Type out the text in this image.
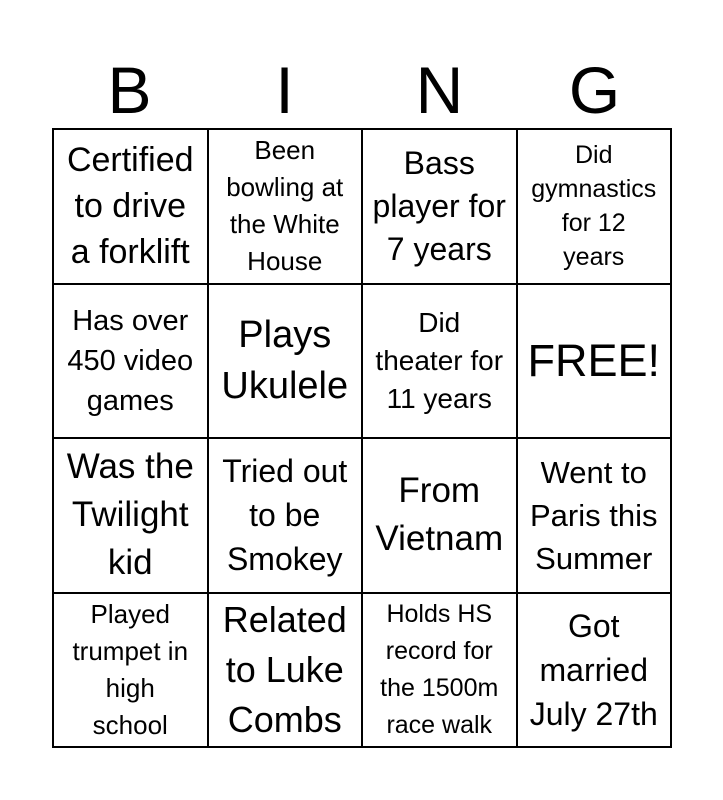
B	I	N	G
Certified
to drive
a forklift
Been
bowling at
the White
House
Bass
player for
7 years
Did
gymnastics
for 12
years
Has over
450 video
games
Plays
Ukulele
Did
theater for
11 years
FREE!
Was the
Twilight
kid
Tried out
to be
Smokey
From
Vietnam
Went to
Paris this
Summer
Played
trumpet in
high
school
Related
to Luke
Combs
Holds HS
record for
the 1500m
race walk
Got
married
July 27th
